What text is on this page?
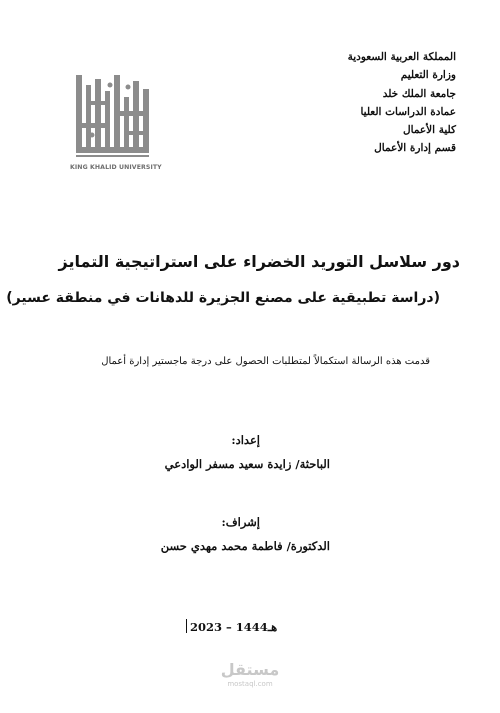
المملكة العربية السعودية
وزارة التعليم
جامعة الملك خلد
عمادة الدراسات العليا
كلية الأعمال
قسم إدارة الأعمال
KING KHALID UNIVERSITY
دور سلاسل التوريد الخضراء على استراتيجية التمايز
(دراسة تطبيقية على مصنع الجزيرة للدهانات في منطقة عسير)
قدمت هذه الرسالة استكمالاً لمتطلبات الحصول على درجة ماجستير إدارة أعمال
إعداد:
الباحثة/ زايدة سعيد مسفر الوادعي
إشراف:
الدكتورة/ فاطمة محمد مهدي حسن
2023 – 1444هـ
مستقل
mostaql.com
